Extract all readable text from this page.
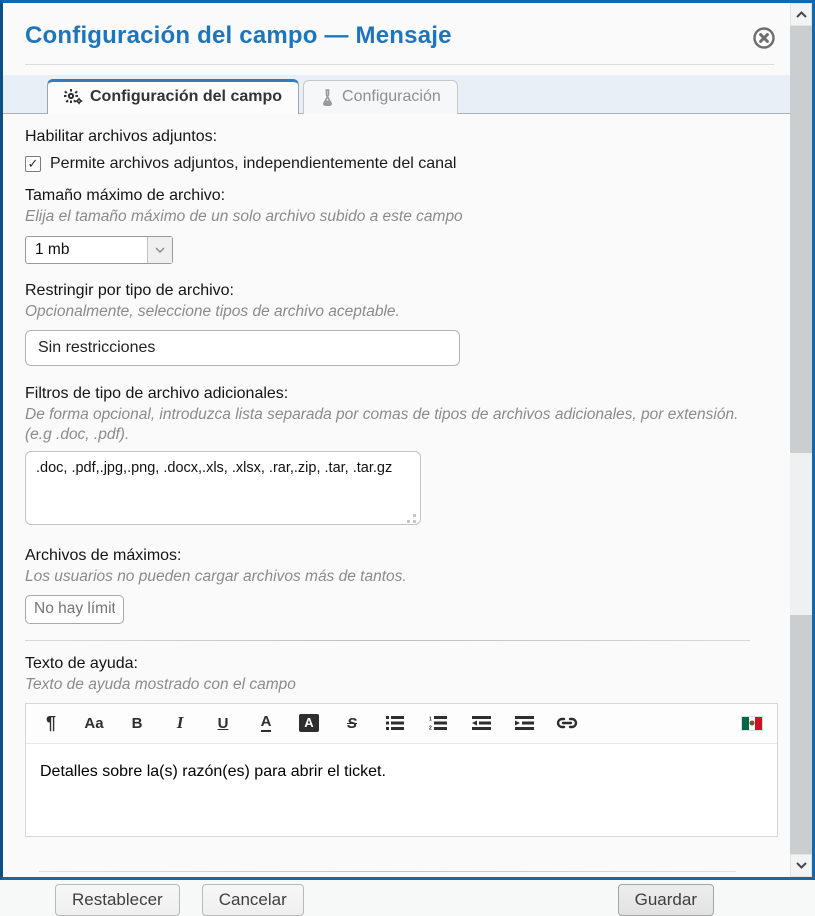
Configuración del campo — Mensaje
Configuración del campo	Configuración
Habilitar archivos adjuntos:
✓ Permite archivos adjuntos, independientemente del canal
Tamaño máximo de archivo:
Elija el tamaño máximo de un solo archivo subido a este campo
1 mb
Restringir por tipo de archivo:
Opcionalmente, seleccione tipos de archivo aceptable.
Sin restricciones
Filtros de tipo de archivo adicionales:
De forma opcional, introduzca lista separada por comas de tipos de archivos adicionales, por extensión. (e.g .doc, .pdf).
.doc, .pdf,.jpg,.png, .docx,.xls, .xlsx, .rar,.zip, .tar, .tar.gz
Archivos de máximos:
Los usuarios no pueden cargar archivos más de tantos.
No hay límite
Texto de ayuda:
Texto de ayuda mostrado con el campo
¶	Aa	B	I	U A	A	S	1
2
Detalles sobre la(s) razón(es) para abrir el ticket.
Restablecer	Cancelar	Guardar
